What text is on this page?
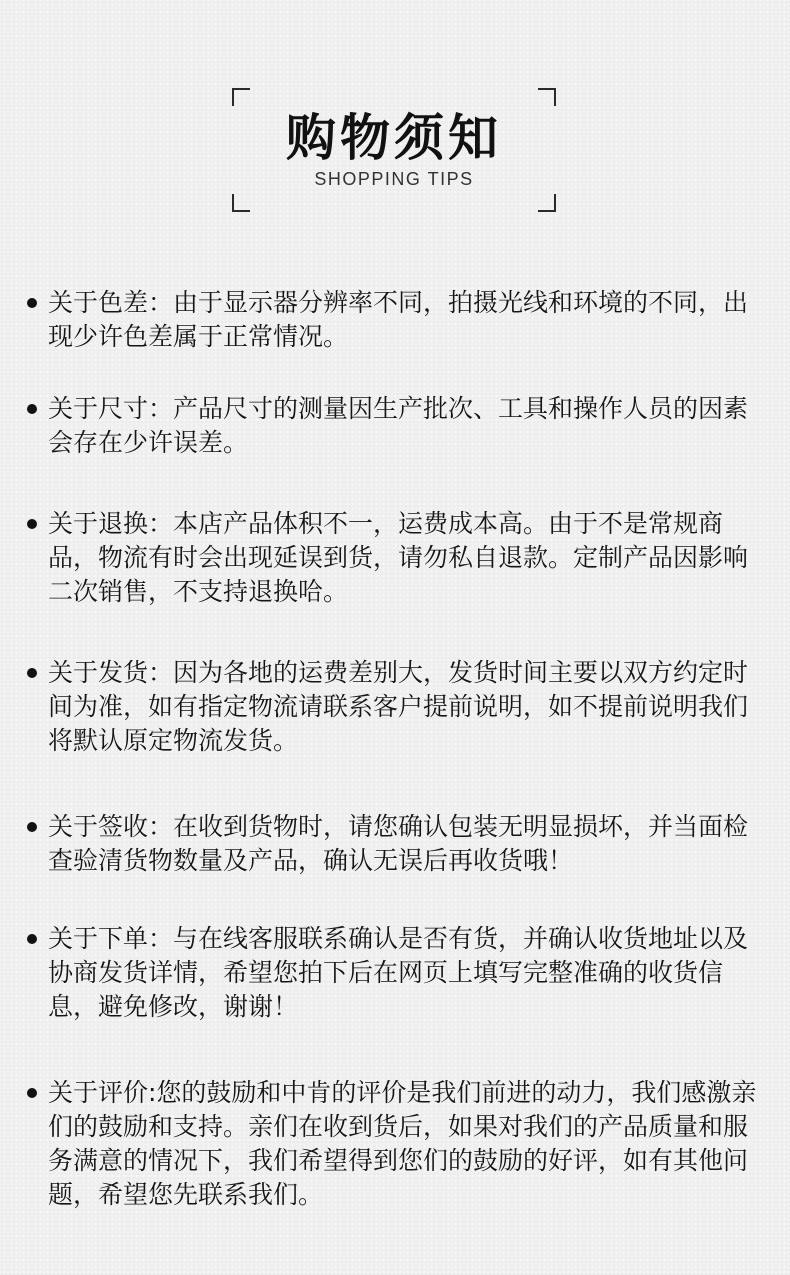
购物须知
SHOPPING TIPS

关于色差：由于显示器分辨率不同，拍摄光线和环境的不同，出现少许色差属于正常情况。

关于尺寸：产品尺寸的测量因生产批次、工具和操作人员的因素会存在少许误差。

关于退换：本店产品体积不一，运费成本高。由于不是常规商品，物流有时会出现延误到货，请勿私自退款。定制产品因影响二次销售，不支持退换哈。

关于发货：因为各地的运费差别大，发货时间主要以双方约定时间为准，如有指定物流请联系客户提前说明，如不提前说明我们将默认原定物流发货。

关于签收：在收到货物时，请您确认包装无明显损坏，并当面检查验清货物数量及产品，确认无误后再收货哦！

关于下单：与在线客服联系确认是否有货，并确认收货地址以及协商发货详情，希望您拍下后在网页上填写完整准确的收货信息，避免修改，谢谢！

关于评价:您的鼓励和中肯的评价是我们前进的动力，我们感激亲们的鼓励和支持。亲们在收到货后，如果对我们的产品质量和服务满意的情况下，我们希望得到您们的鼓励的好评，如有其他问题，希望您先联系我们。
